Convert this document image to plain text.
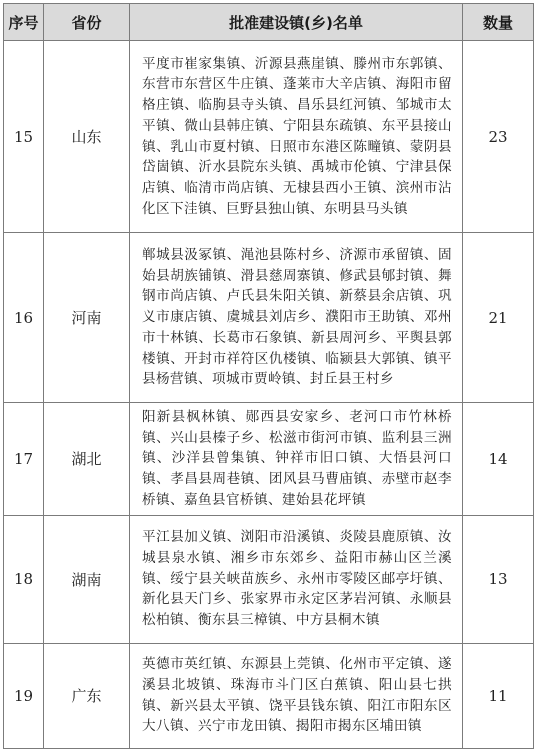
序号	省份	批准建设镇(乡)名单	数量
15	山东	平度市崔家集镇、沂源县燕崖镇、滕州市东郭镇、东营市东营区牛庄镇、蓬莱市大辛店镇、海阳市留格庄镇、临朐县寺头镇、昌乐县红河镇、邹城市太平镇、微山县韩庄镇、宁阳县东疏镇、东平县接山镇、乳山市夏村镇、日照市东港区陈疃镇、蒙阴县岱崮镇、沂水县院东头镇、禹城市伦镇、宁津县保店镇、临清市尚店镇、无棣县西小王镇、滨州市沾化区下洼镇、巨野县独山镇、东明县马头镇	23
16	河南	郸城县汲冢镇、渑池县陈村乡、济源市承留镇、固始县胡族铺镇、滑县慈周寨镇、修武县郇封镇、舞钢市尚店镇、卢氏县朱阳关镇、新蔡县余店镇、巩义市康店镇、虞城县刘店乡、濮阳市王助镇、邓州市十林镇、长葛市石象镇、新县周河乡、平舆县郭楼镇、开封市祥符区仇楼镇、临颍县大郭镇、镇平县杨营镇、项城市贾岭镇、封丘县王村乡	21
17	湖北	阳新县枫林镇、郧西县安家乡、老河口市竹林桥镇、兴山县榛子乡、松滋市街河市镇、监利县三洲镇、沙洋县曾集镇、钟祥市旧口镇、大悟县河口镇、孝昌县周巷镇、团风县马曹庙镇、赤壁市赵李桥镇、嘉鱼县官桥镇、建始县花坪镇	14
18	湖南	平江县加义镇、浏阳市沿溪镇、炎陵县鹿原镇、汝城县泉水镇、湘乡市东郊乡、益阳市赫山区兰溪镇、绥宁县关峡苗族乡、永州市零陵区邮亭圩镇、新化县天门乡、张家界市永定区茅岩河镇、永顺县松柏镇、衡东县三樟镇、中方县桐木镇	13
19	广东	英德市英红镇、东源县上莞镇、化州市平定镇、遂溪县北坡镇、珠海市斗门区白蕉镇、阳山县七拱镇、新兴县太平镇、饶平县钱东镇、阳江市阳东区大八镇、兴宁市龙田镇、揭阳市揭东区埔田镇	11
